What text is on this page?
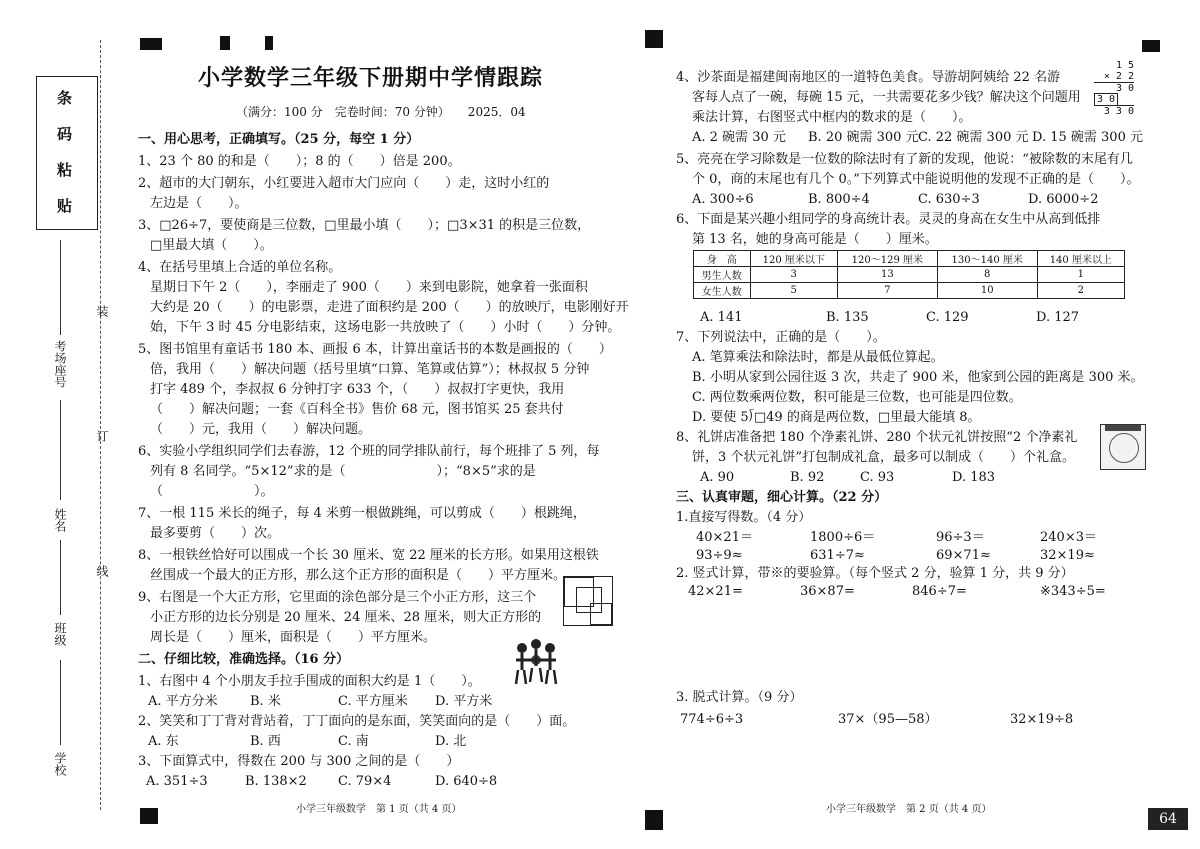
条
码
粘
贴
装
订
线
考场座号
姓名
班级
学校
小学数学三年级下册期中学情跟踪
（满分：100 分　完卷时间：70 分钟）　　2025．04
一、用心思考，正确填写。（25 分，每空 1 分）
1、23 个 80 的和是（　　）；8 的（　　）倍是 200。
2、超市的大门朝东，小红要进入超市大门应向（　　）走，这时小红的
左边是（　　）。
3、□26÷7，要使商是三位数，□里最小填（　　）；□3×31 的积是三位数，
□里最大填（　　）。
4、在括号里填上合适的单位名称。
星期日下午 2（　　），李丽走了 900（　　）来到电影院，她拿着一张面积
大约是 20（　　）的电影票，走进了面积约是 200（　　）的放映厅，电影刚好开
始，下午 3 时 45 分电影结束，这场电影一共放映了（　　）小时（　　）分钟。
5、图书馆里有童话书 180 本、画报 6 本，计算出童话书的本数是画报的（　　）
倍，我用（　　）解决问题（括号里填“口算、笔算或估算”）；林叔叔 5 分钟
打字 489 个，李叔叔 6 分钟打字 633 个，（　　）叔叔打字更快，我用
（　　）解决问题；一套《百科全书》售价 68 元，图书馆买 25 套共付
（　　）元，我用（　　）解决问题。
6、实验小学组织同学们去春游，12 个班的同学排队前行，每个班排了 5 列，每
列有 8 名同学。“5×12”求的是（　　　　　　　）；“8×5”求的是
（　　　　　　　）。
7、一根 115 米长的绳子，每 4 米剪一根做跳绳，可以剪成（　　）根跳绳，
最多要剪（　　）次。
8、一根铁丝恰好可以围成一个长 30 厘米、宽 22 厘米的长方形。如果用这根铁
丝围成一个最大的正方形，那么这个正方形的面积是（　　）平方厘米。
9、右图是一个大正方形，它里面的涂色部分是三个小正方形，这三个
小正方形的边长分别是 20 厘米、24 厘米、28 厘米，则大正方形的
周长是（　　）厘米，面积是（　　）平方厘米。
二、仔细比较，准确选择。（16 分）
1、右图中 4 个小朋友手拉手围成的面积大约是 1（　　）。
A. 平方分米 B. 米	C. 平方厘米 D. 平方米
2、笑笑和丁丁背对背站着，丁丁面向的是东面，笑笑面向的是（　　）面。
A. 东	B. 西	C. 南	D. 北
3、下面算式中，得数在 200 与 300 之间的是（　　）
A. 351÷3	B. 138×2 C. 79×4	D. 640÷8
小学三年级数学　第 1 页（共 4 页）
4、沙茶面是福建闽南地区的一道特色美食。导游胡阿姨给 22 名游
客每人点了一碗，每碗 15 元，一共需要花多少钱？解决这个问题用
乘法计算，右图竖式中框内的数求的是（　　）。
A. 2 碗需 30 元 B. 20 碗需 300 元 C. 22 碗需 300 元 D. 15 碗需 300 元
1 5
× 2 2
3 0
3 0
3 3 0
5、亮亮在学习除数是一位数的除法时有了新的发现，他说：“被除数的末尾有几
个 0，商的末尾也有几个 0。”下列算式中能说明他的发现不正确的是（　　）。
A. 300÷6	B. 800÷4	C. 630÷3	D. 6000÷2
6、下面是某兴趣小组同学的身高统计表。灵灵的身高在女生中从高到低排
第 13 名，她的身高可能是（　　）厘米。
身　高	120 厘米以下	120～129 厘米	130～140 厘米	140 厘米以上
男生人数	3	13	8	1
女生人数	5	7	10	2
A. 141	B. 135	C. 129	D. 127
7、下列说法中，正确的是（　　）。
A. 笔算乘法和除法时，都是从最低位算起。
B. 小明从家到公园往返 3 次，共走了 900 米，他家到公园的距离是 300 米。
C. 两位数乘两位数，积可能是三位数，也可能是四位数。
D. 要使 5⟌□49 的商是两位数，□里最大能填 8。
8、礼饼店准备把 180 个净素礼饼、280 个状元礼饼按照“2 个净素礼
饼，3 个状元礼饼”打包制成礼盒，最多可以制成（　　）个礼盒。
A. 90	B. 92	C. 93	D. 183
三、认真审题，细心计算。（22 分）
1.直接写得数。（4 分）
40×21＝	1800÷6＝	96÷3＝	240×3＝
93÷9≈	631÷7≈	69×71≈	32×19≈
2. 竖式计算，带※的要验算。（每个竖式 2 分，验算 1 分，共 9 分）
42×21=	36×87=	846÷7=	※343÷5=
3. 脱式计算。（9 分）
774÷6÷3	37×（95—58）	32×19÷8
小学三年级数学　第 2 页（共 4 页）
64
